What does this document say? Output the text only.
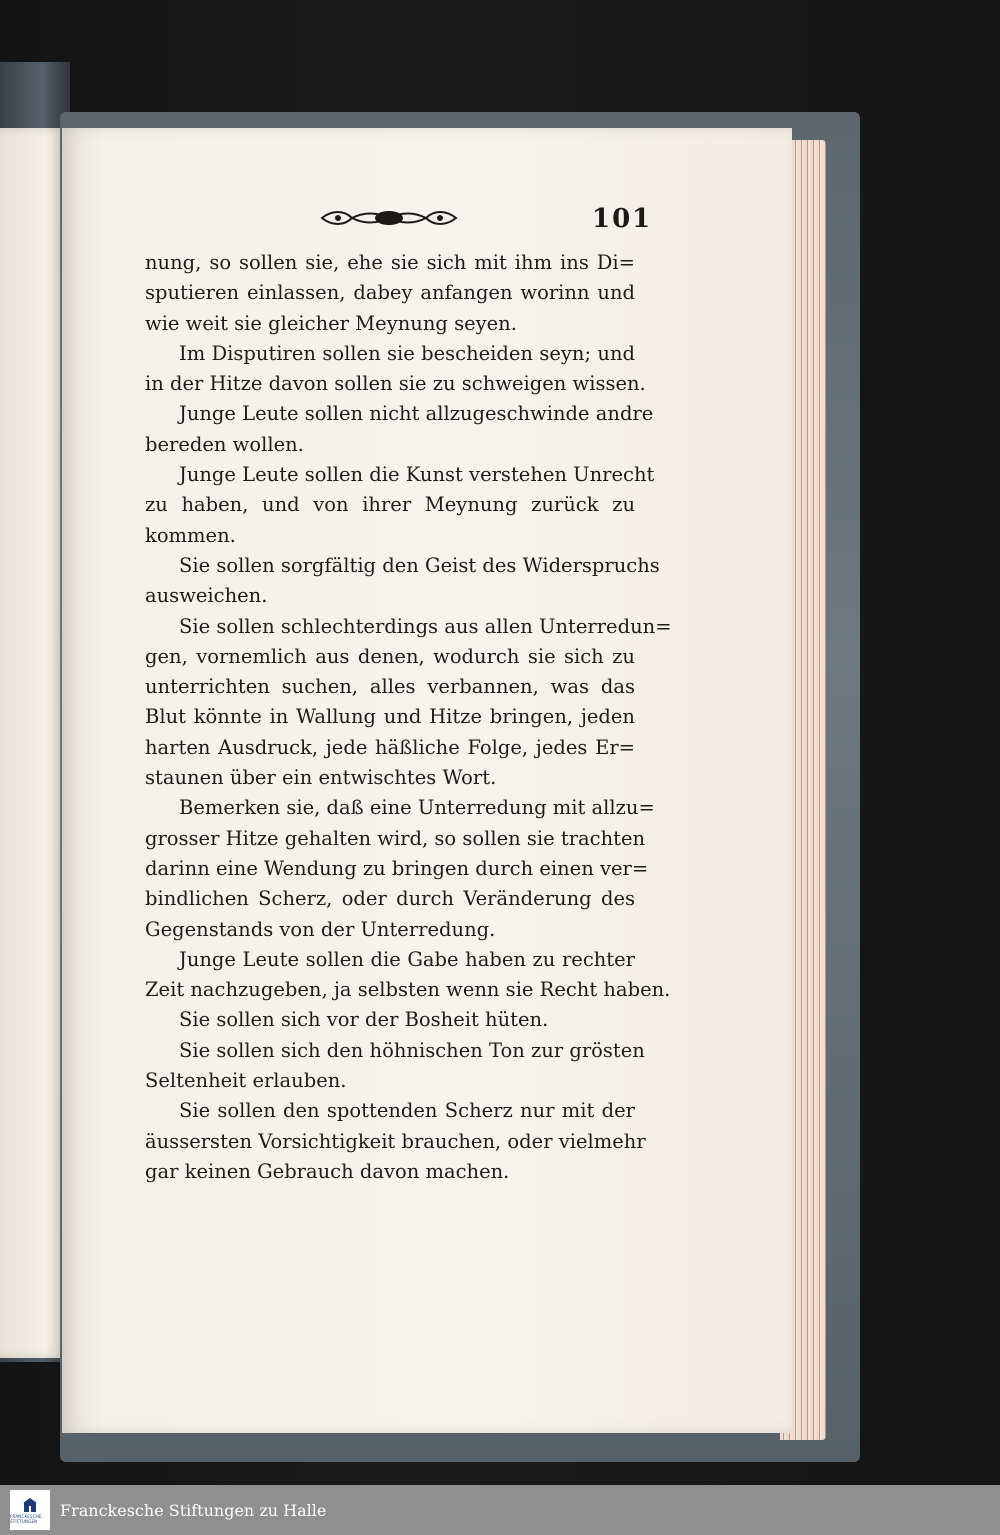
101
nung, so sollen sie, ehe sie sich mit ihm ins Di=
sputieren einlassen, dabey anfangen worinn und
wie weit sie gleicher Meynung seyen.
Im Disputiren sollen sie bescheiden seyn; und
in der Hitze davon sollen sie zu schweigen wissen.
Junge Leute sollen nicht allzugeschwinde andre
bereden wollen.
Junge Leute sollen die Kunst verstehen Unrecht
zu haben, und von ihrer Meynung zurück zu
kommen.
Sie sollen sorgfältig den Geist des Widerspruchs
ausweichen.
Sie sollen schlechterdings aus allen Unterredun=
gen, vornemlich aus denen, wodurch sie sich zu
unterrichten suchen, alles verbannen, was das
Blut könnte in Wallung und Hitze bringen, jeden
harten Ausdruck, jede häßliche Folge, jedes Er=
staunen über ein entwischtes Wort.
Bemerken sie, daß eine Unterredung mit allzu=
grosser Hitze gehalten wird, so sollen sie trachten
darinn eine Wendung zu bringen durch einen ver=
bindlichen Scherz, oder durch Veränderung des
Gegenstands von der Unterredung.
Junge Leute sollen die Gabe haben zu rechter
Zeit nachzugeben, ja selbsten wenn sie Recht haben.
Sie sollen sich vor der Bosheit hüten.
Sie sollen sich den höhnischen Ton zur grösten
Seltenheit erlauben.
Sie sollen den spottenden Scherz nur mit der
äussersten Vorsichtigkeit brauchen, oder vielmehr
gar keinen Gebrauch davon machen.
FRANCKESCHE STIFTUNGEN
Franckesche Stiftungen zu Halle
